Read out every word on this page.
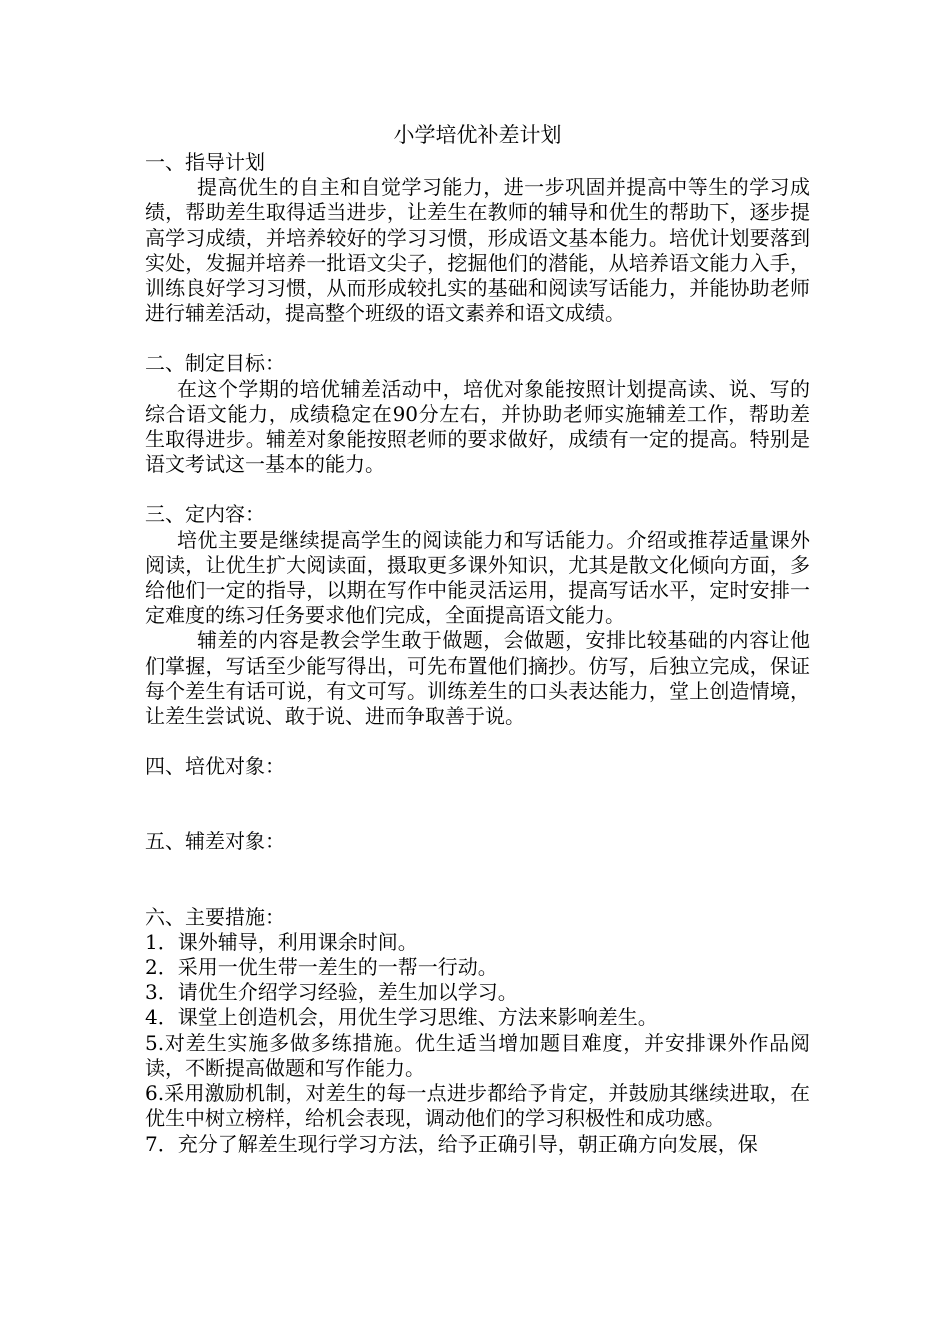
小学培优补差计划

一、指导计划

提高优生的自主和自觉学习能力，进一步巩固并提高中等生的学习成绩，帮助差生取得适当进步，让差生在教师的辅导和优生的帮助下，逐步提高学习成绩，并培养较好的学习习惯，形成语文基本能力。培优计划要落到实处，发掘并培养一批语文尖子，挖掘他们的潜能，从培养语文能力入手，训练良好学习习惯，从而形成较扎实的基础和阅读写话能力，并能协助老师进行辅差活动，提高整个班级的语文素养和语文成绩。

二、制定目标：

在这个学期的培优辅差活动中，培优对象能按照计划提高读、说、写的综合语文能力，成绩稳定在90分左右，并协助老师实施辅差工作，帮助差生取得进步。辅差对象能按照老师的要求做好，成绩有一定的提高。特别是语文考试这一基本的能力。

三、定内容：

培优主要是继续提高学生的阅读能力和写话能力。介绍或推荐适量课外阅读，让优生扩大阅读面，摄取更多课外知识，尤其是散文化倾向方面，多给他们一定的指导，以期在写作中能灵活运用，提高写话水平，定时安排一定难度的练习任务要求他们完成，全面提高语文能力。

辅差的内容是教会学生敢于做题，会做题，安排比较基础的内容让他们掌握，写话至少能写得出，可先布置他们摘抄。仿写，后独立完成，保证每个差生有话可说，有文可写。训练差生的口头表达能力，堂上创造情境，让差生尝试说、敢于说、进而争取善于说。

四、培优对象：

五、辅差对象：

六、主要措施：

1．课外辅导，利用课余时间。

2．采用一优生带一差生的一帮一行动。

3．请优生介绍学习经验，差生加以学习。

4．课堂上创造机会，用优生学习思维、方法来影响差生。

5.对差生实施多做多练措施。优生适当增加题目难度，并安排课外作品阅读，不断提高做题和写作能力。

6.采用激励机制，对差生的每一点进步都给予肯定，并鼓励其继续进取，在优生中树立榜样，给机会表现，调动他们的学习积极性和成功感。

7．充分了解差生现行学习方法，给予正确引导，朝正确方向发展，保
